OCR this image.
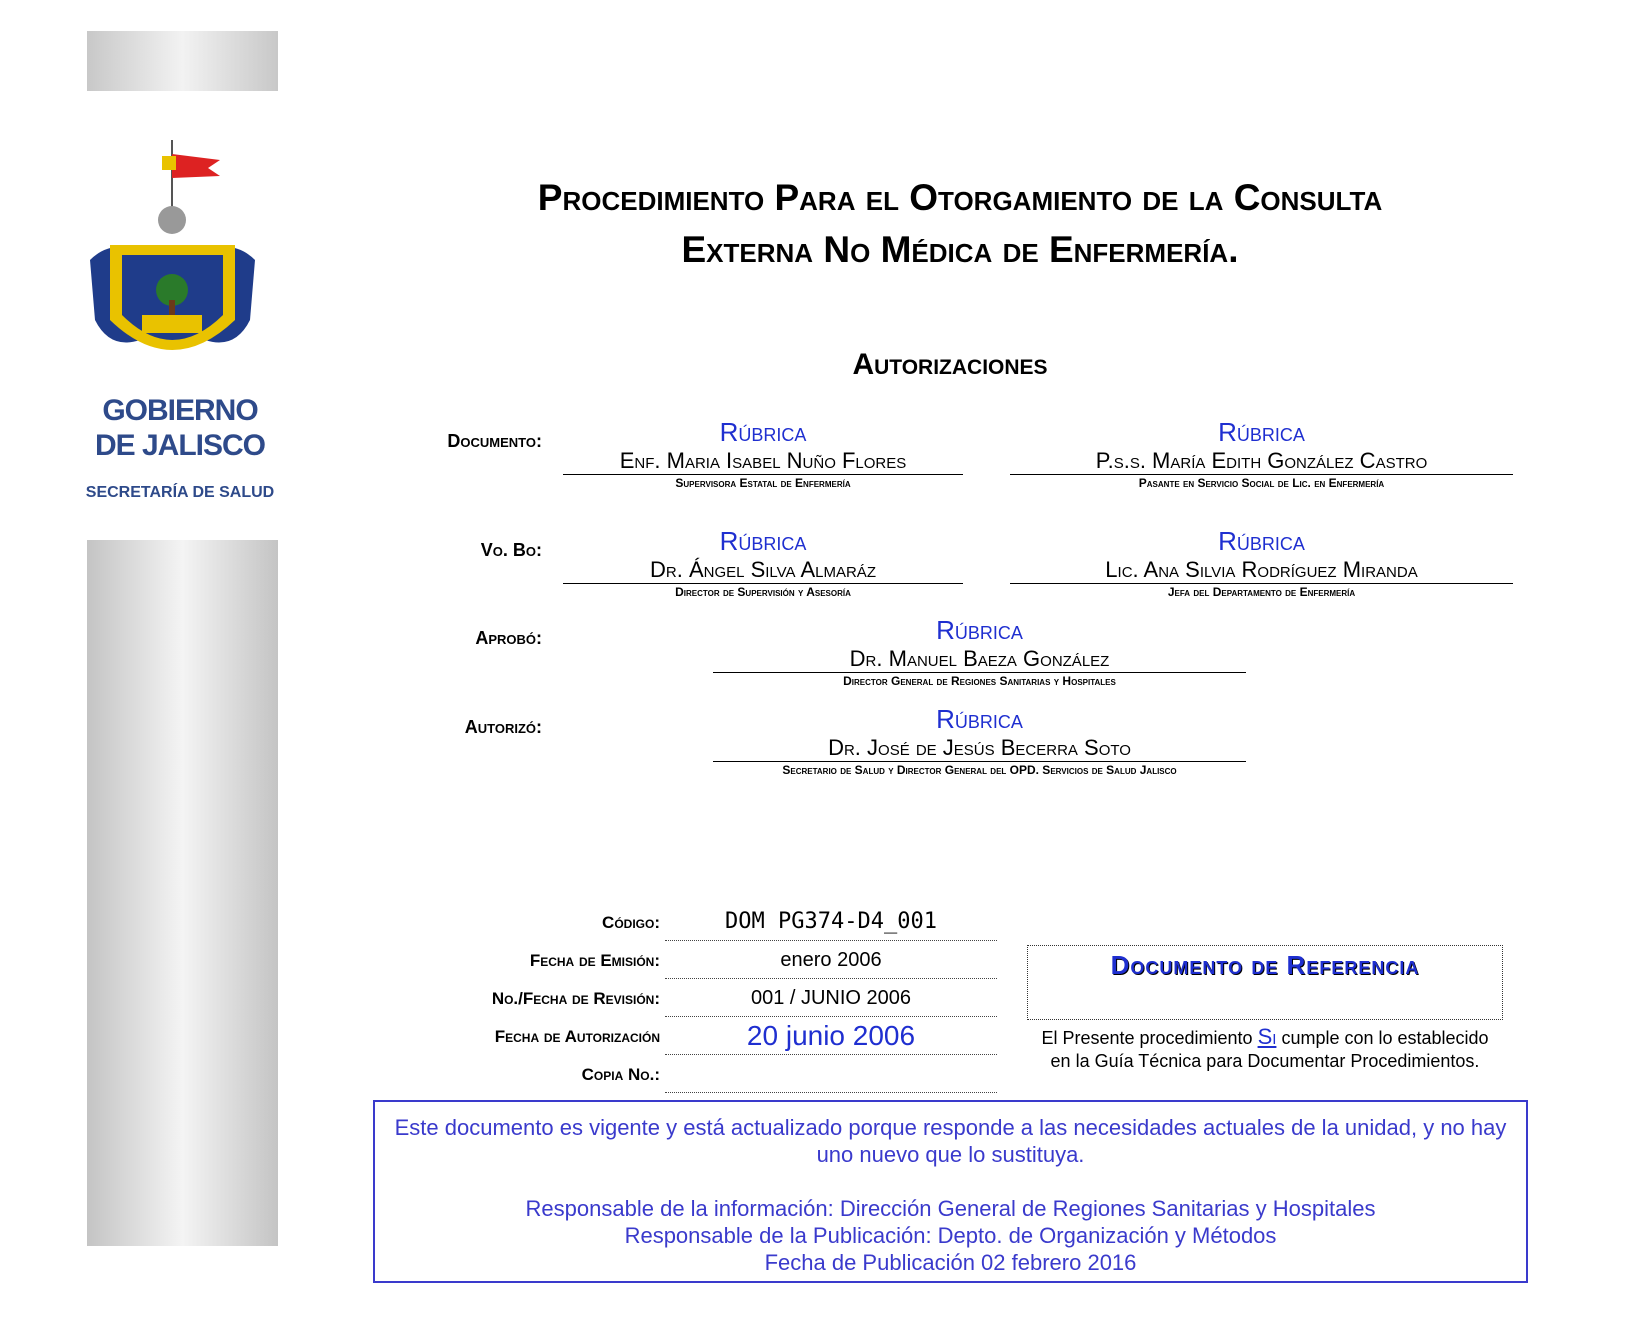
GOBIERNO
DE JALISCO
SECRETARÍA DE SALUD
Procedimiento Para el Otorgamiento de la Consulta
Externa No Médica de Enfermería.
Autorizaciones
Documento:	Rúbrica
Enf. Maria Isabel Nuño Flores
Supervisora Estatal de Enfermería
Rúbrica
P.s.s. María Edith González Castro
Pasante en Servicio Social de Lic. en Enfermería
Vo. Bo:	Rúbrica
Dr. Ángel Silva Almaráz
Director de Supervisión y Asesoría
Rúbrica
Lic. Ana Silvia Rodríguez Miranda
Jefa del Departamento de Enfermería
Aprobó:	Rúbrica
Dr. Manuel Baeza González
Director General de Regiones Sanitarias y Hospitales
Autorizó:	Rúbrica
Dr. José de Jesús Becerra Soto
Secretario de Salud y Director General del OPD. Servicios de Salud Jalisco
Código:	DOM PG374-D4_001
Fecha de Emisión:	enero 2006
No./Fecha de Revisión:	001 / JUNIO 2006
Fecha de Autorización	20 junio 2006
Copia No.:
Documento de Referencia
El Presente procedimiento Si cumple con lo establecido en la Guía Técnica para Documentar Procedimientos.

Este documento es vigente y está actualizado porque responde a las necesidades actuales de la unidad, y no hay uno nuevo que lo sustituya.

Responsable de la información: Dirección General de Regiones Sanitarias y Hospitales

Responsable de la Publicación: Depto. de Organización y Métodos

Fecha de Publicación 02 febrero 2016
